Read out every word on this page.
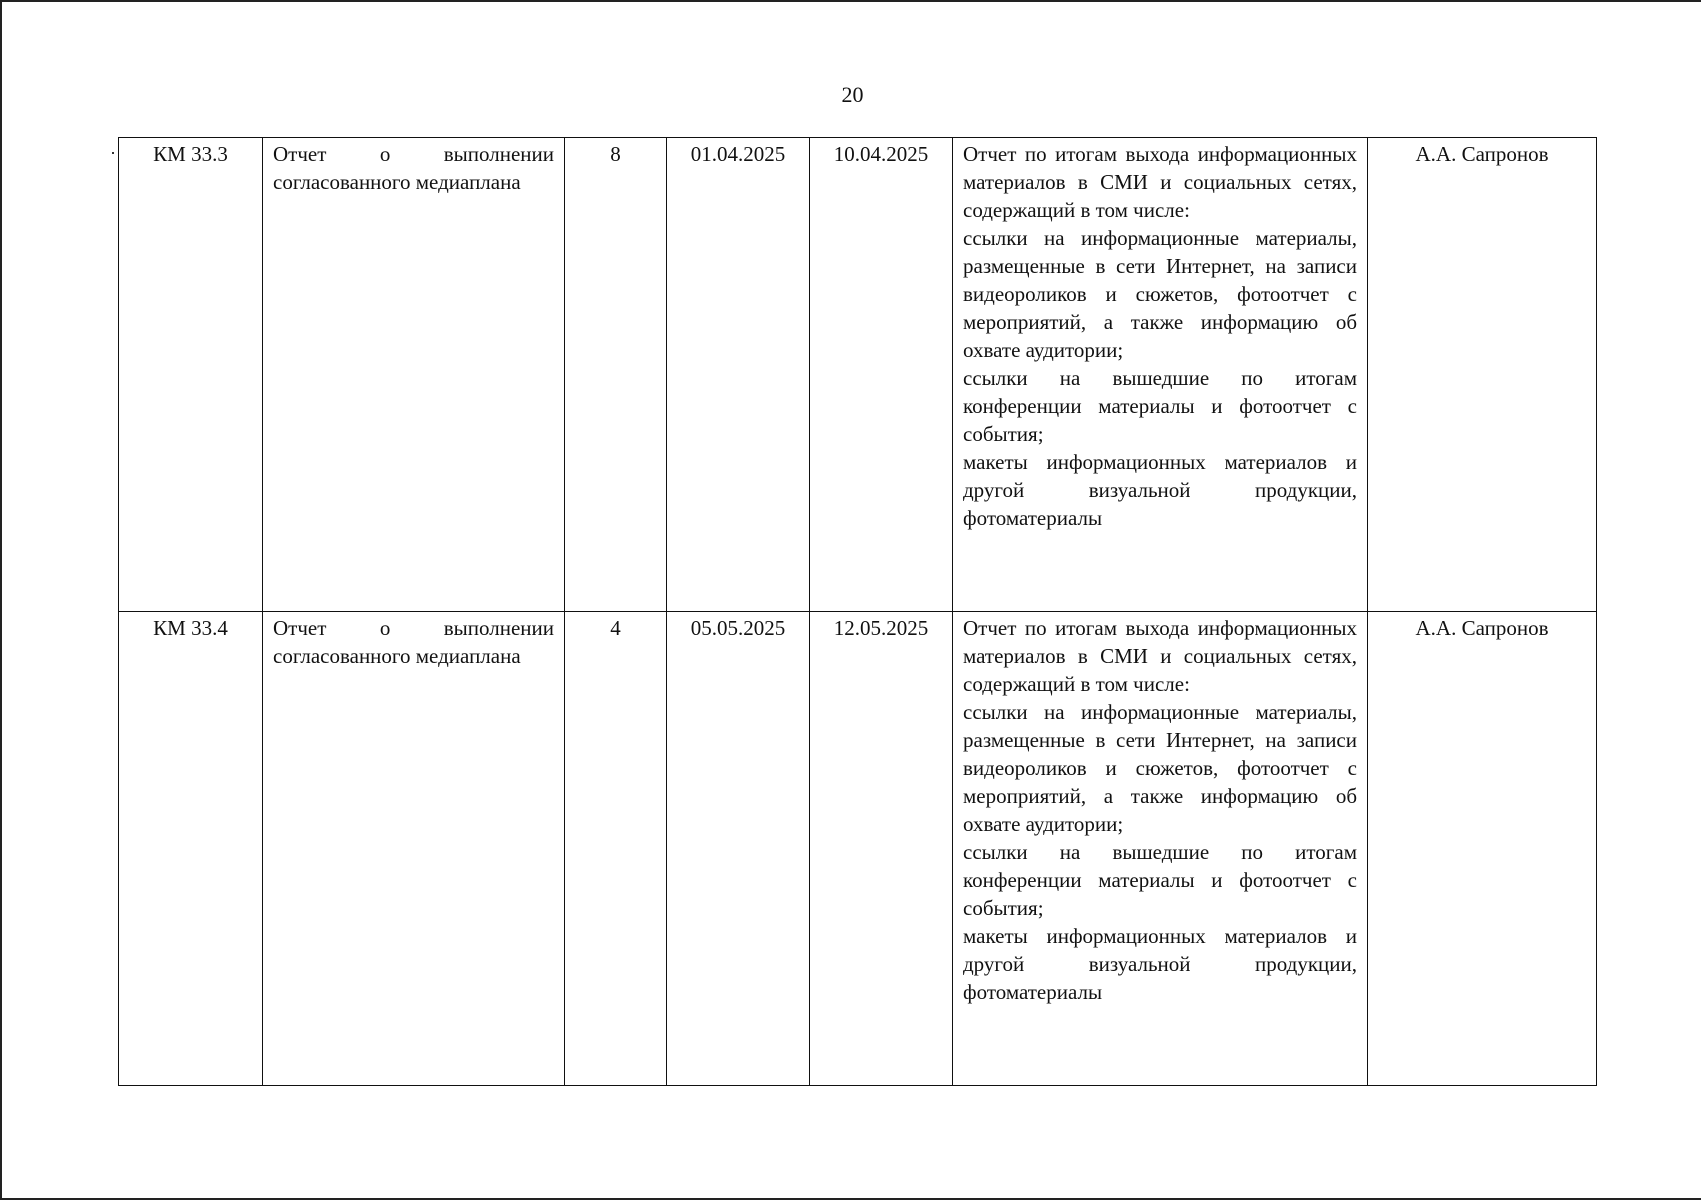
20
КМ 33.3	Отчет о выполнении согласованного медиаплана	8	01.04.2025	10.04.2025	Отчет по итогам выхода информационных материалов в СМИ и социальных сетях, содержащий в том числе:

ссылки на информационные материалы, размещенные в сети Интернет, на записи видеороликов и сюжетов, фотоотчет с мероприятий, а также информацию об охвате аудитории;

ссылки на вышедшие по итогам конференции материалы и фотоотчет с события;

макеты информационных материалов и другой визуальной продукции, фотоматериалы	А.А. Сапронов
КМ 33.4	Отчет о выполнении согласованного медиаплана	4	05.05.2025	12.05.2025	Отчет по итогам выхода информационных материалов в СМИ и социальных сетях, содержащий в том числе:

ссылки на информационные материалы, размещенные в сети Интернет, на записи видеороликов и сюжетов, фотоотчет с мероприятий, а также информацию об охвате аудитории;

ссылки на вышедшие по итогам конференции материалы и фотоотчет с события;

макеты информационных материалов и другой визуальной продукции, фотоматериалы	А.А. Сапронов
